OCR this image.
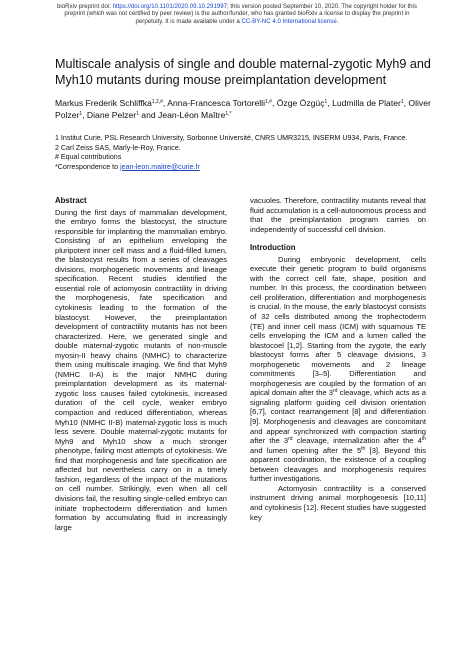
bioRxiv preprint doi: https://doi.org/10.1101/2020.09.10.291997; this version posted September 10, 2020. The copyright holder for this
preprint (which was not certified by peer review) is the author/funder, who has granted bioRxiv a license to display the preprint in
perpetuity. It is made available under a CC-BY-NC 4.0 International license.
Multiscale analysis of single and double maternal-zygotic Myh9 and Myh10 mutants during mouse preimplantation development
Markus Frederik Schliffka$^{1,2,\#}$, Anna-Francesca Tortorelli$^{1,\#}$, Özge Özgüç$^1$, Ludmilla de Plater$^1$, Oliver Polzer$^1$, Diane Pelzer$^1$ and Jean-Léon Maître$^{1,*}$

1 Institut Curie, PSL Research University, Sorbonne Université, CNRS UMR3215, INSERM U934, Paris, France.

2 Carl Zeiss SAS, Marly-le-Roy, France.

# Equal contributions

*Correspondence to jean-leon.maitre@curie.fr

Abstract

During the first days of mammalian development, the embryo forms the blastocyst, the structure responsible for implanting the mammalian embryo. Consisting of an epithelium enveloping the pluripotent inner cell mass and a fluid-filled lumen, the blastocyst results from a series of cleavages divisions, morphogenetic movements and lineage specification. Recent studies identified the essential role of actomyosin contractility in driving the morphogenesis, fate specification and cytokinesis leading to the formation of the blastocyst. However, the preimplantation development of contractility mutants has not been characterized. Here, we generated single and double maternal-zygotic mutants of non-muscle myosin-II heavy chains (NMHC) to characterize them using multiscale imaging. We find that Myh9 (NMHC II-A) is the major NMHC during preimplantation development as its maternal-zygotic loss causes failed cytokinesis, increased duration of the cell cycle, weaker embryo compaction and reduced differentiation, whereas Myh10 (NMHC II-B) maternal-zygotic loss is much less severe. Double maternal-zygotic mutants for Myh9 and Myh10 show a much stronger phenotype, failing most attempts of cytokinesis. We find that morphogenesis and fate specification are affected but nevertheless carry on in a timely fashion, regardless of the impact of the mutations on cell number. Strikingly, even when all cell divisions fail, the resulting single-celled embryo can initiate trophectoderm differentiation and lumen formation by accumulating fluid in increasingly large

vacuoles. Therefore, contractility mutants reveal that fluid accumulation is a cell-autonomous process and that the preimplantation program carries on independently of successful cell division.

Introduction

During embryonic development, cells execute their genetic program to build organisms with the correct cell fate, shape, position and number. In this process, the coordination between cell proliferation, differentiation and morphogenesis is crucial. In the mouse, the early blastocyst consists of 32 cells distributed among the trophectoderm (TE) and inner cell mass (ICM) with squamous TE cells enveloping the ICM and a lumen called the blastocoel [1,2]. Starting from the zygote, the early blastocyst forms after 5 cleavage divisions, 3 morphogenetic movements and 2 lineage commitments [3–5]. Differentiation and morphogenesis are coupled by the formation of an apical domain after the 3rd cleavage, which acts as a signaling platform guiding cell division orientation [6,7], contact rearrangement [8] and differentiation [9]. Morphogenesis and cleavages are concomitant and appear synchronized with compaction starting after the 3rd cleavage, internalization after the 4th and lumen opening after the 5th [3]. Beyond this apparent coordination, the existence of a coupling between cleavages and morphogenesis requires further investigations.

Actomyosin contractility is a conserved instrument driving animal morphogenesis [10,11] and cytokinesis [12]. Recent studies have suggested key
